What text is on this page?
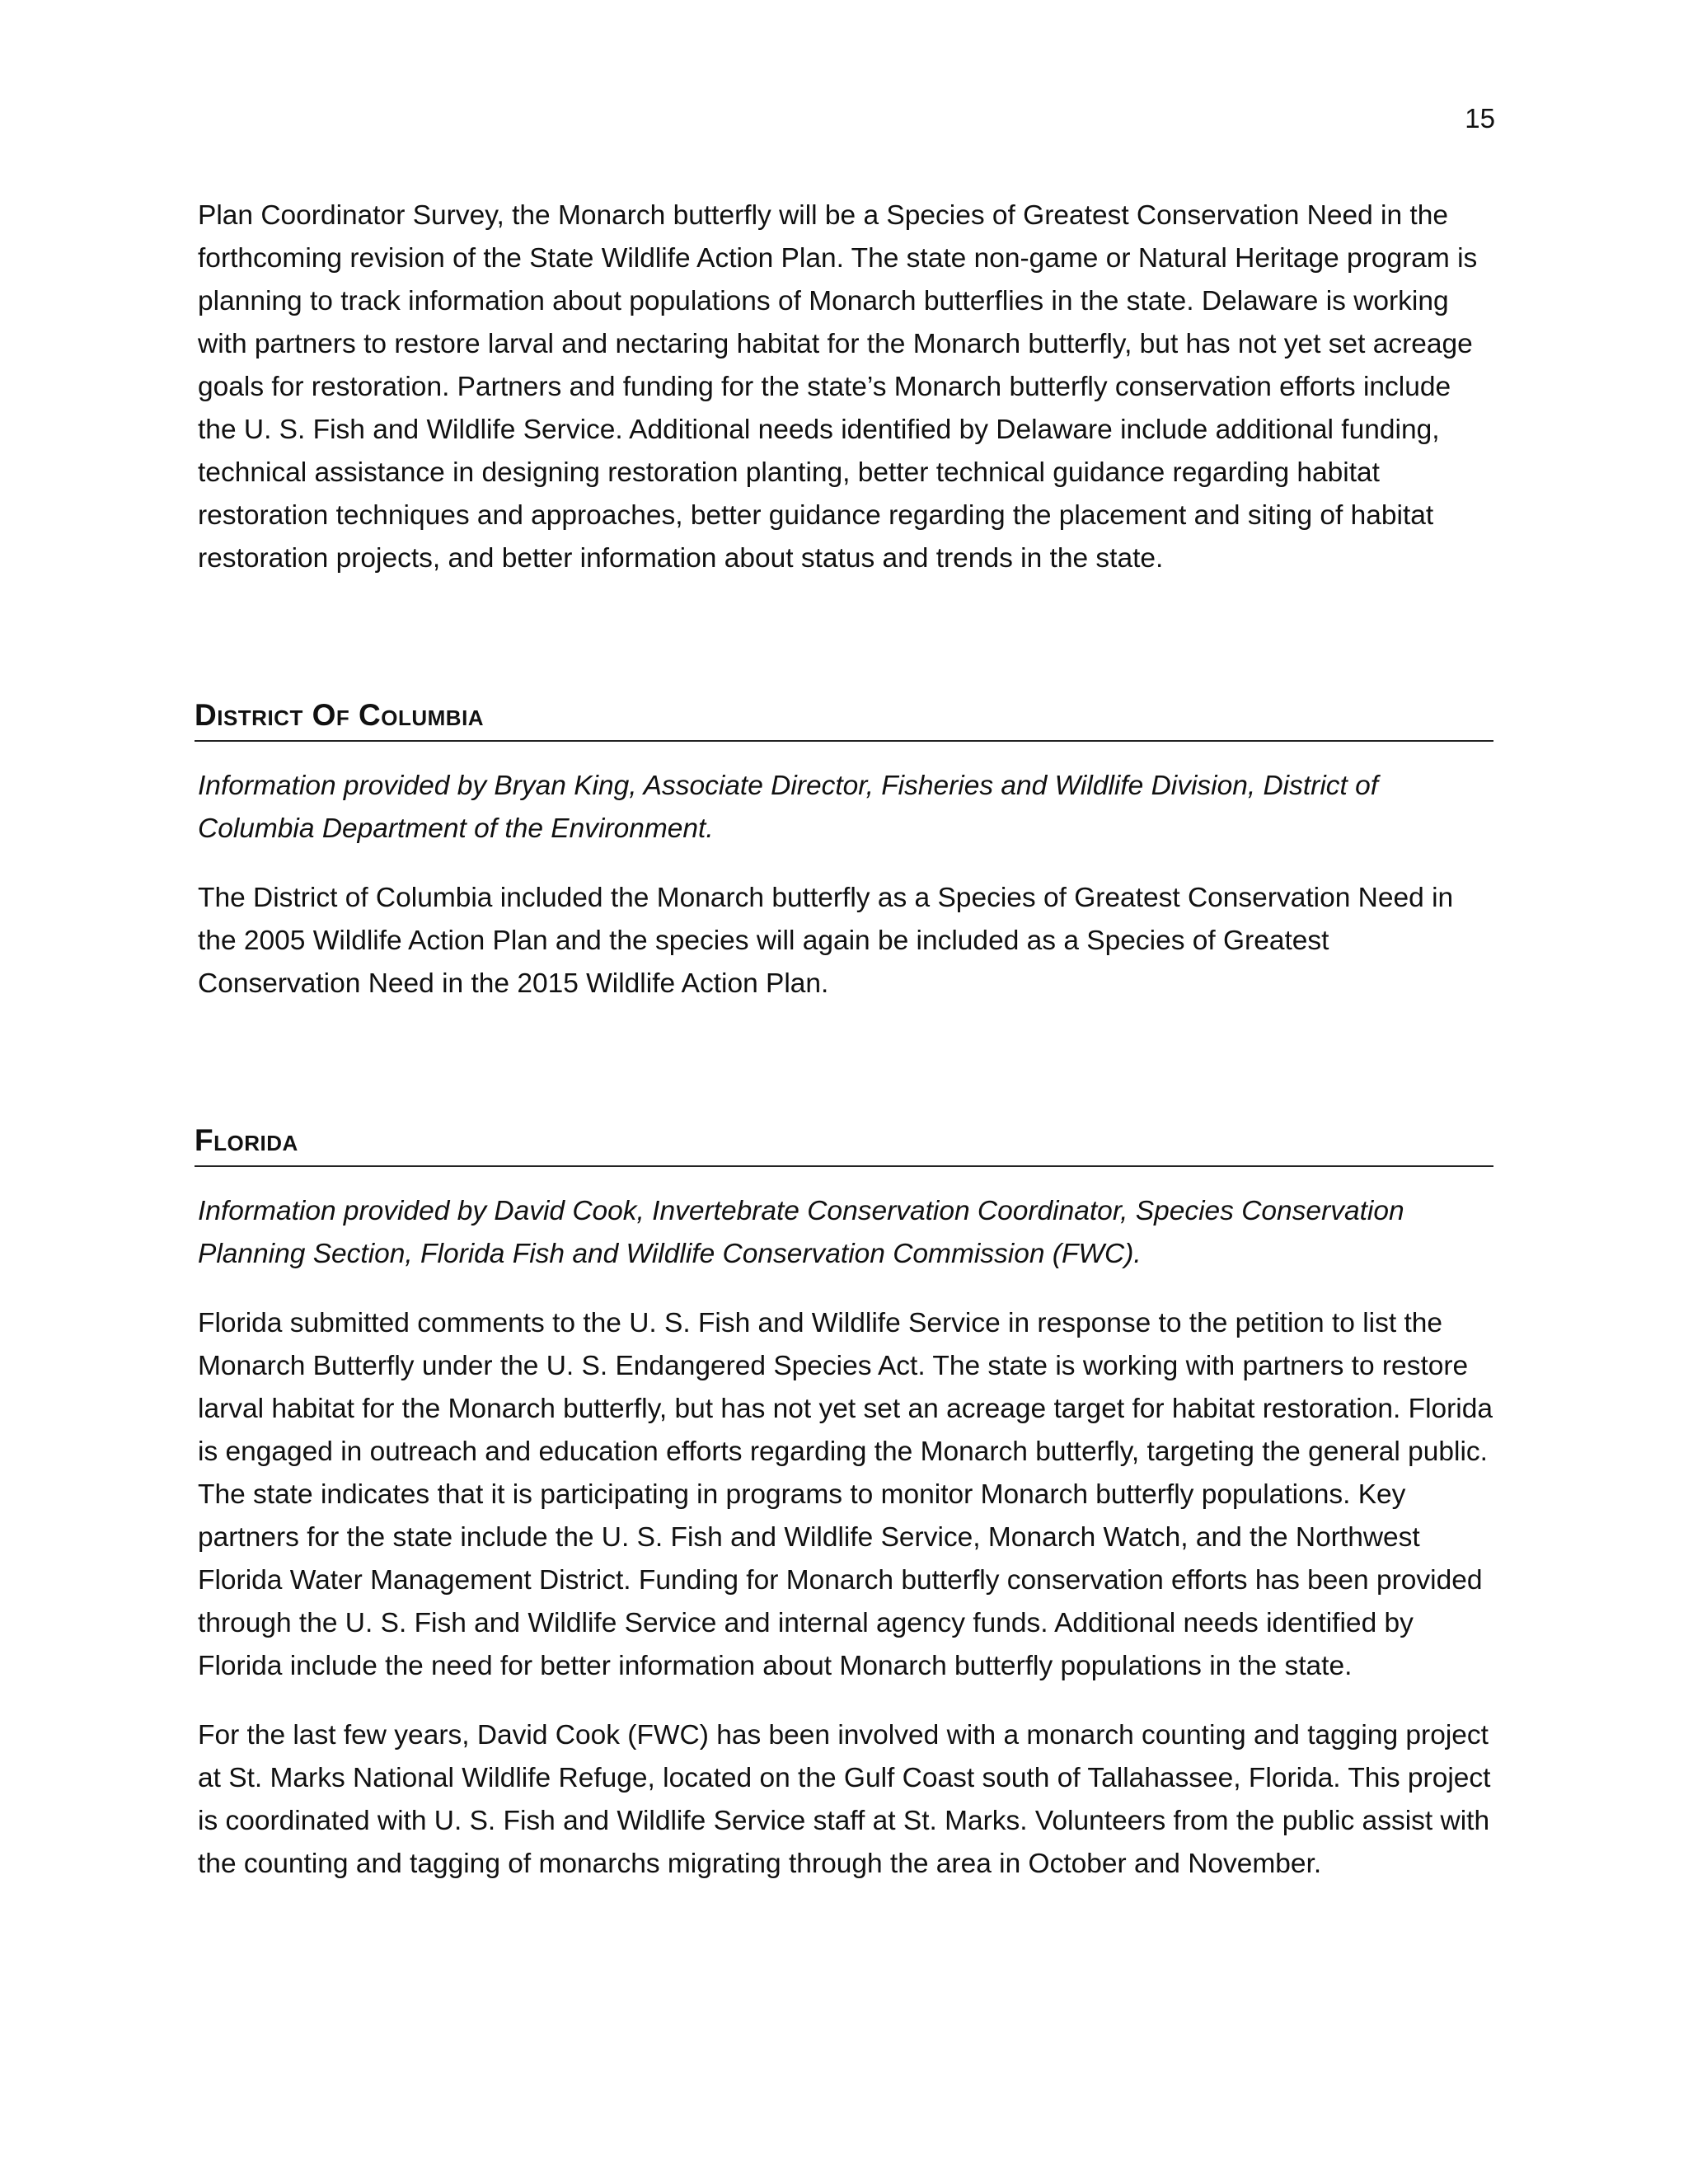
15

Plan Coordinator Survey, the Monarch butterfly will be a Species of Greatest Conservation Need in the forthcoming revision of the State Wildlife Action Plan. The state non-game or Natural Heritage program is planning to track information about populations of Monarch butterflies in the state. Delaware is working with partners to restore larval and nectaring habitat for the Monarch butterfly, but has not yet set acreage goals for restoration. Partners and funding for the state’s Monarch butterfly conservation efforts include the U. S. Fish and Wildlife Service. Additional needs identified by Delaware include additional funding, technical assistance in designing restoration planting, better technical guidance regarding habitat restoration techniques and approaches, better guidance regarding the placement and siting of habitat restoration projects, and better information about status and trends in the state.

District Of Columbia

Information provided by Bryan King, Associate Director, Fisheries and Wildlife Division, District of Columbia Department of the Environment.

The District of Columbia included the Monarch butterfly as a Species of Greatest Conservation Need in the 2005 Wildlife Action Plan and the species will again be included as a Species of Greatest Conservation Need in the 2015 Wildlife Action Plan.

Florida

Information provided by David Cook, Invertebrate Conservation Coordinator, Species Conservation Planning Section, Florida Fish and Wildlife Conservation Commission (FWC).

Florida submitted comments to the U. S. Fish and Wildlife Service in response to the petition to list the Monarch Butterfly under the U. S. Endangered Species Act. The state is working with partners to restore larval habitat for the Monarch butterfly, but has not yet set an acreage target for habitat restoration. Florida is engaged in outreach and education efforts regarding the Monarch butterfly, targeting the general public. The state indicates that it is participating in programs to monitor Monarch butterfly populations. Key partners for the state include the U. S. Fish and Wildlife Service, Monarch Watch, and the Northwest Florida Water Management District. Funding for Monarch butterfly conservation efforts has been provided through the U. S. Fish and Wildlife Service and internal agency funds. Additional needs identified by Florida include the need for better information about Monarch butterfly populations in the state.

For the last few years, David Cook (FWC) has been involved with a monarch counting and tagging project at St. Marks National Wildlife Refuge, located on the Gulf Coast south of Tallahassee, Florida. This project is coordinated with U. S. Fish and Wildlife Service staff at St. Marks. Volunteers from the public assist with the counting and tagging of monarchs migrating through the area in October and November.
